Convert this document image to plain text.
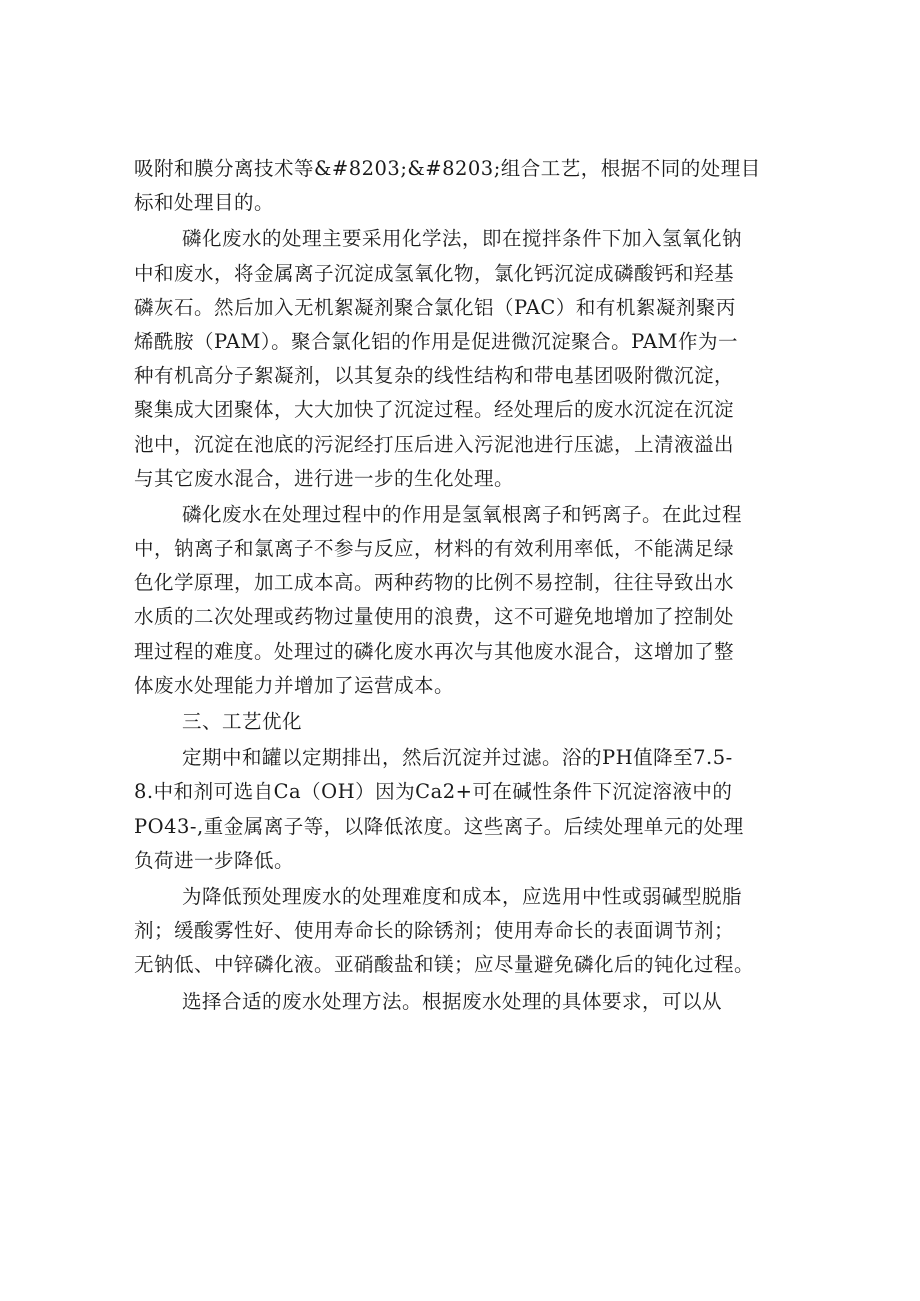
吸附和膜分离技术等&#8203;&#8203;组合工艺，根据不同的处理目
标和处理目的。
磷化废水的处理主要采用化学法，即在搅拌条件下加入氢氧化钠
中和废水，将金属离子沉淀成氢氧化物，氯化钙沉淀成磷酸钙和羟基
磷灰石。然后加入无机絮凝剂聚合氯化铝（PAC）和有机絮凝剂聚丙
烯酰胺（PAM）。聚合氯化铝的作用是促进微沉淀聚合。PAM作为一
种有机高分子絮凝剂，以其复杂的线性结构和带电基团吸附微沉淀，
聚集成大团聚体，大大加快了沉淀过程。经处理后的废水沉淀在沉淀
池中，沉淀在池底的污泥经打压后进入污泥池进行压滤，上清液溢出
与其它废水混合，进行进一步的生化处理。
磷化废水在处理过程中的作用是氢氧根离子和钙离子。在此过程
中，钠离子和氯离子不参与反应，材料的有效利用率低，不能满足绿
色化学原理，加工成本高。两种药物的比例不易控制，往往导致出水
水质的二次处理或药物过量使用的浪费，这不可避免地增加了控制处
理过程的难度。处理过的磷化废水再次与其他废水混合，这增加了整
体废水处理能力并增加了运营成本。
三、工艺优化
定期中和罐以定期排出，然后沉淀并过滤。浴的PH值降至7.5-
8.中和剂可选自Ca（OH）因为Ca2+可在碱性条件下沉淀溶液中的
PO43-,重金属离子等，以降低浓度。这些离子。后续处理单元的处理
负荷进一步降低。
为降低预处理废水的处理难度和成本，应选用中性或弱碱型脱脂
剂；缓酸雾性好、使用寿命长的除锈剂；使用寿命长的表面调节剂；
无钠低、中锌磷化液。亚硝酸盐和镁；应尽量避免磷化后的钝化过程。
选择合适的废水处理方法。根据废水处理的具体要求，可以从
